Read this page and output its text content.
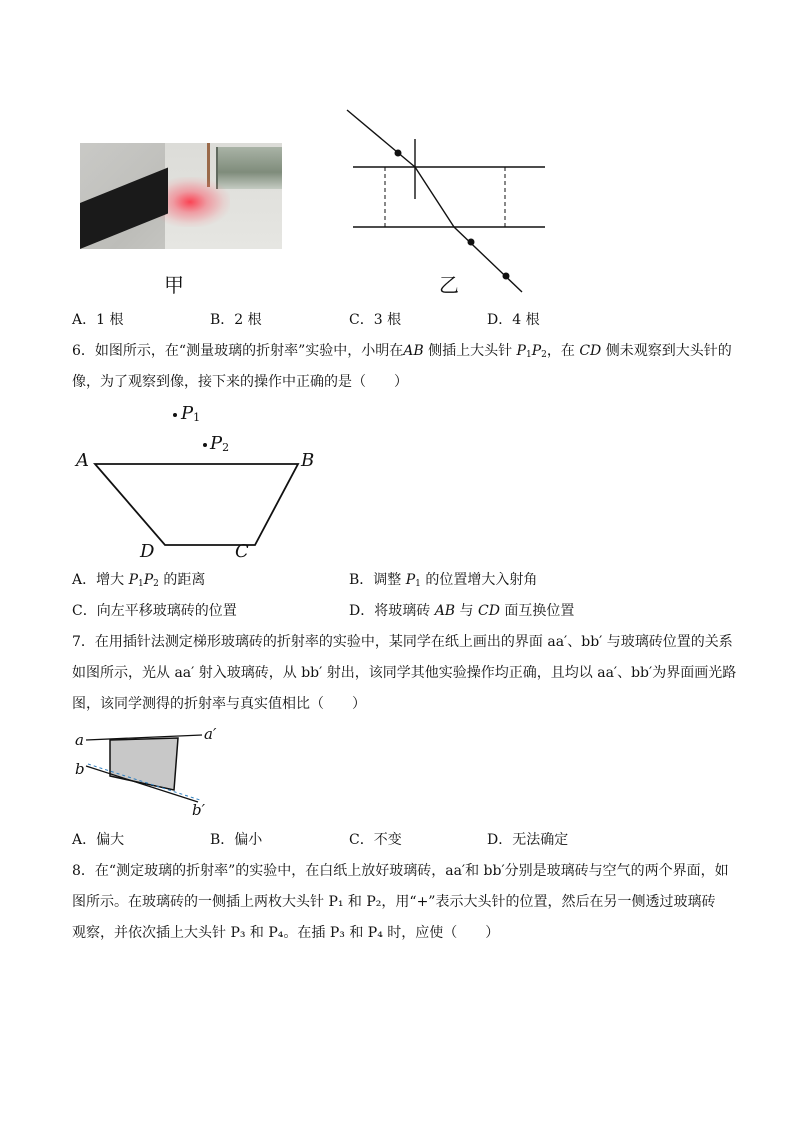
甲	乙
A．1 根	B．2 根	C．3 根	D．4 根
6．如图所示，在“测量玻璃的折射率”实验中，小明在AB 侧插上大头针 $P_1P_2$，在 CD 侧未观察到大头针的
像，为了观察到像，接下来的操作中正确的是（　　）
$P_1$
$P_2$
A	B
D	C
A．增大 $P_1P_2$ 的距离	B．调整 $P_1$ 的位置增大入射角
C．向左平移玻璃砖的位置	D．将玻璃砖 AB 与 CD 面互换位置
7．在用插针法测定梯形玻璃砖的折射率的实验中，某同学在纸上画出的界面 aa′、bb′ 与玻璃砖位置的关系
如图所示，光从 aa′ 射入玻璃砖，从 bb′ 射出，该同学其他实验操作均正确，且均以 aa′、bb′为界面画光路
图，该同学测得的折射率与真实值相比（　　）
a	a′
b
b′
A．偏大	B．偏小	C．不变	D．无法确定
8．在“测定玻璃的折射率”的实验中，在白纸上放好玻璃砖，aa′和 bb′分别是玻璃砖与空气的两个界面，如
图所示。在玻璃砖的一侧插上两枚大头针 P₁ 和 P₂，用“+”表示大头针的位置，然后在另一侧透过玻璃砖
观察，并依次插上大头针 P₃ 和 P₄。在插 P₃ 和 P₄ 时，应使（　　）
